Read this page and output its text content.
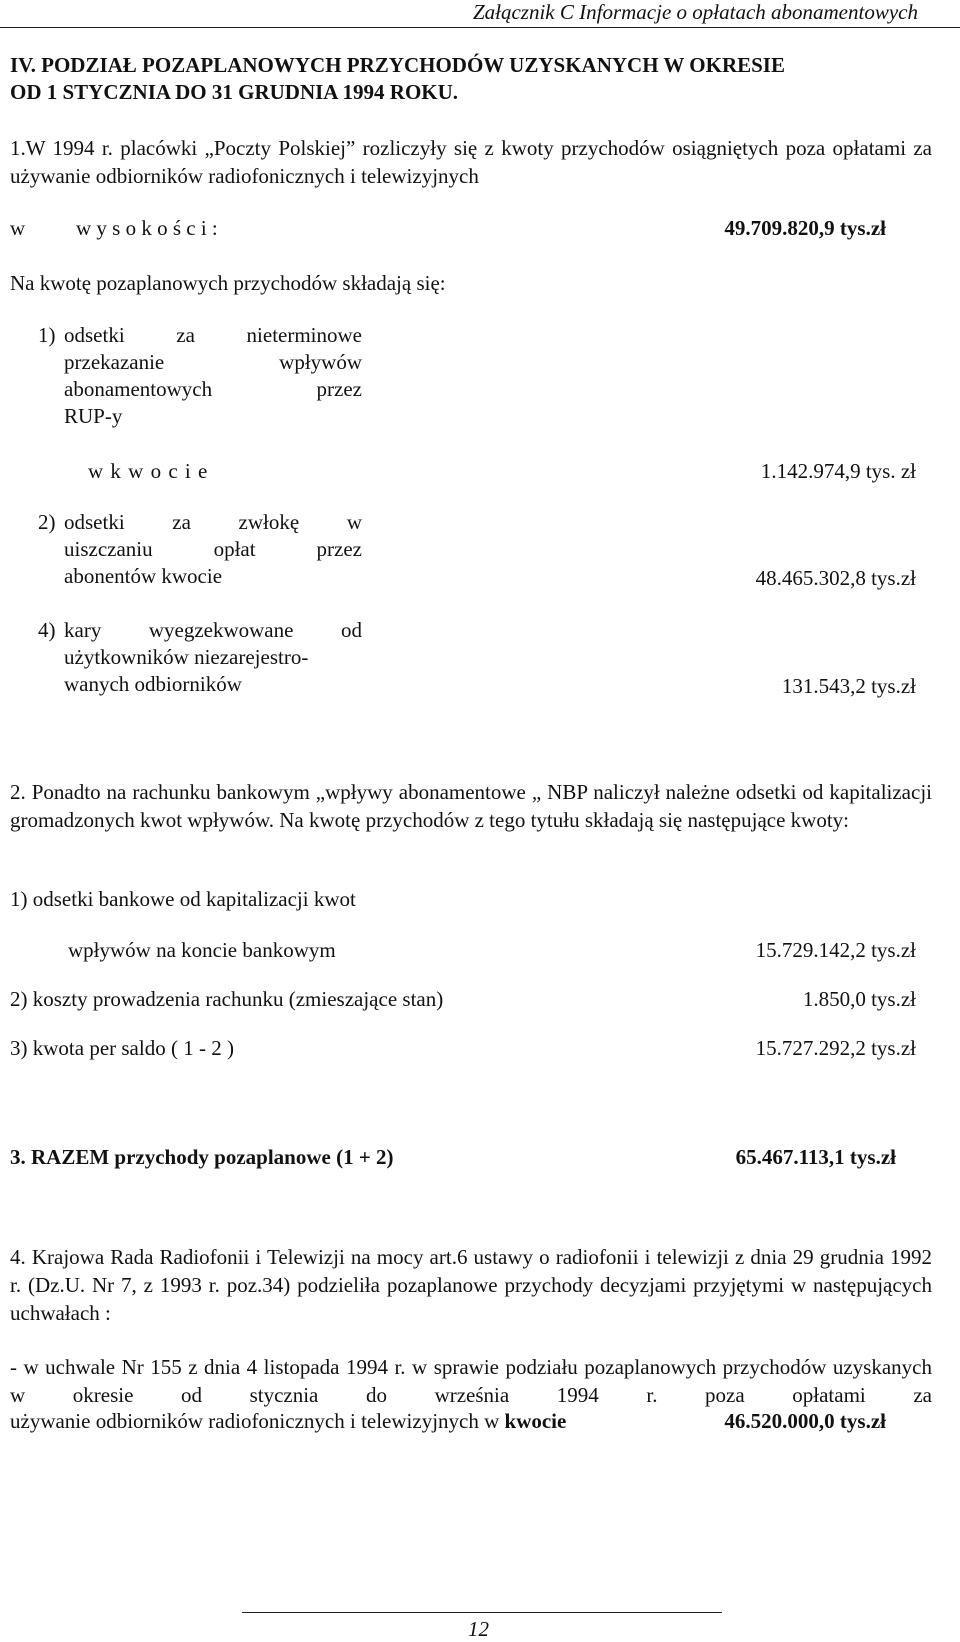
Załącznik C Informacje o opłatach abonamentowych
IV. PODZIAŁ POZAPLANOWYCH PRZYCHODÓW UZYSKANYCH W OKRESIE
OD 1 STYCZNIA DO 31 GRUDNIA 1994 ROKU.
1.W 1994 r. placówki „Poczty Polskiej” rozliczyły się z kwoty przychodów osiągniętych poza opłatami za używanie odbiorników radiofonicznych i telewizyjnych
w w y s o k o ś c i :	49.709.820,9 tys.zł
Na kwotę pozaplanowych przychodów składają się:
1) odsetki za nieterminowe
przekazanie wpływów
abonamentowych przez
RUP-y
w k w o c i e	1.142.974,9 tys. zł
2) odsetki za zwłokę w
uiszczaniu opłat przez
abonentów kwocie	48.465.302,8 tys.zł
4) kary wyegzekwowane od
użytkowników niezarejestro-
wanych odbiorników	131.543,2 tys.zł
2. Ponadto na rachunku bankowym „wpływy abonamentowe „ NBP naliczył należne odsetki od kapitalizacji gromadzonych kwot wpływów. Na kwotę przychodów z tego tytułu składają się następujące kwoty:
1) odsetki bankowe od kapitalizacji kwot
wpływów na koncie bankowym	15.729.142,2 tys.zł
2) koszty prowadzenia rachunku (zmieszające stan)	1.850,0 tys.zł
3) kwota per saldo ( 1 - 2 )	15.727.292,2 tys.zł
3. RAZEM przychody pozaplanowe (1 + 2)	65.467.113,1 tys.zł
4. Krajowa Rada Radiofonii i Telewizji na mocy art.6 ustawy o radiofonii i telewizji z dnia 29 grudnia 1992 r. (Dz.U. Nr 7, z 1993 r. poz.34) podzieliła pozaplanowe przychody decyzjami przyjętymi w następujących uchwałach :
- w uchwale Nr 155 z dnia 4 listopada 1994 r. w sprawie podziału pozaplanowych przychodów uzyskanych w okresie od stycznia do września 1994 r. poza opłatami za
używanie odbiorników radiofonicznych i telewizyjnych w kwocie	46.520.000,0 tys.zł
12
